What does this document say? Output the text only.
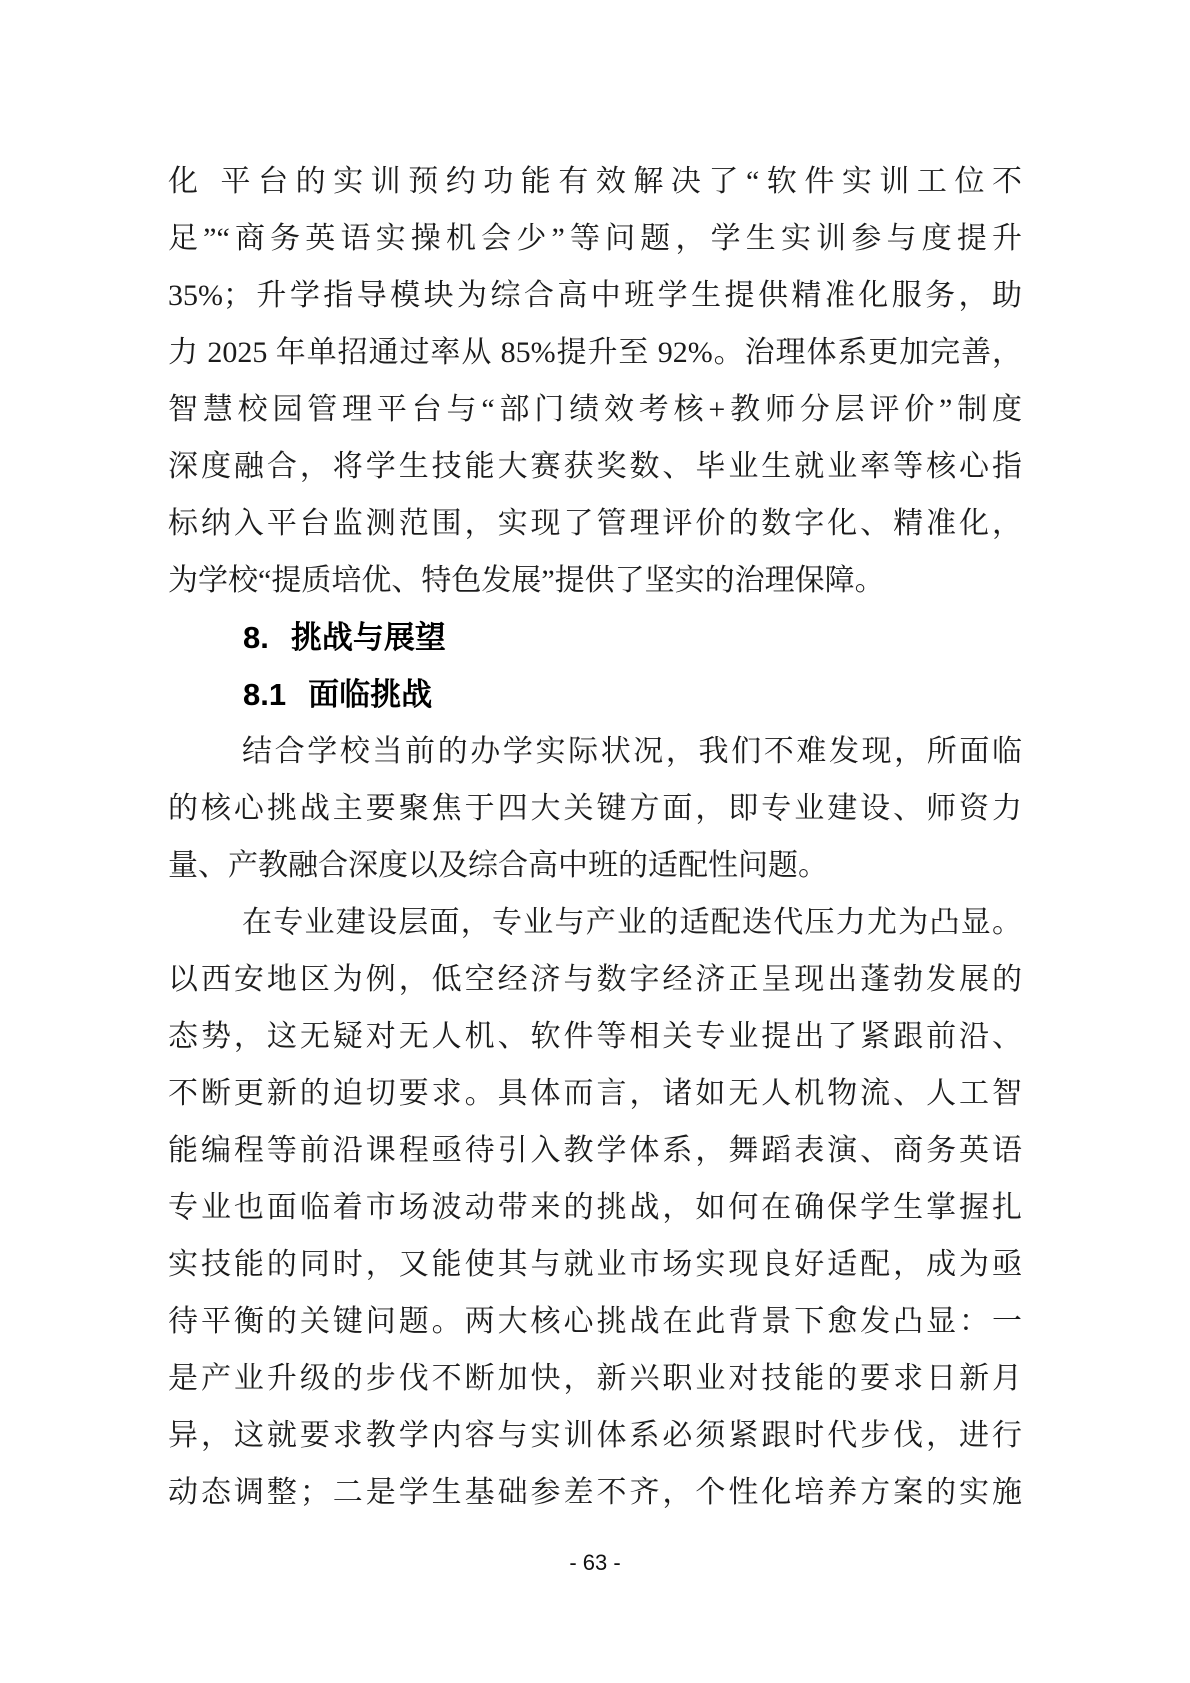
化 平台的实训预约功能有效解决了“软件实训工位不
足”“商务英语实操机会少”等问题，学生实训参与度提升
35%；升学指导模块为综合高中班学生提供精准化服务，助
力 2025 年单招通过率从 85%提升至 92%。治理体系更加完善，
智慧校园管理平台与“部门绩效考核+教师分层评价”制度
深度融合，将学生技能大赛获奖数、毕业生就业率等核心指
标纳入平台监测范围，实现了管理评价的数字化、精准化，
为学校“提质培优、特色发展”提供了坚实的治理保障。
8. 挑战与展望
8.1 面临挑战
结合学校当前的办学实际状况，我们不难发现，所面临
的核心挑战主要聚焦于四大关键方面，即专业建设、师资力
量、产教融合深度以及综合高中班的适配性问题。
在专业建设层面，专业与产业的适配迭代压力尤为凸显。
以西安地区为例，低空经济与数字经济正呈现出蓬勃发展的
态势，这无疑对无人机、软件等相关专业提出了紧跟前沿、
不断更新的迫切要求。具体而言，诸如无人机物流、人工智
能编程等前沿课程亟待引入教学体系，舞蹈表演、商务英语
专业也面临着市场波动带来的挑战，如何在确保学生掌握扎
实技能的同时，又能使其与就业市场实现良好适配，成为亟
待平衡的关键问题。两大核心挑战在此背景下愈发凸显：一
是产业升级的步伐不断加快，新兴职业对技能的要求日新月
异，这就要求教学内容与实训体系必须紧跟时代步伐，进行
动态调整；二是学生基础参差不齐，个性化培养方案的实施
- 63 -
